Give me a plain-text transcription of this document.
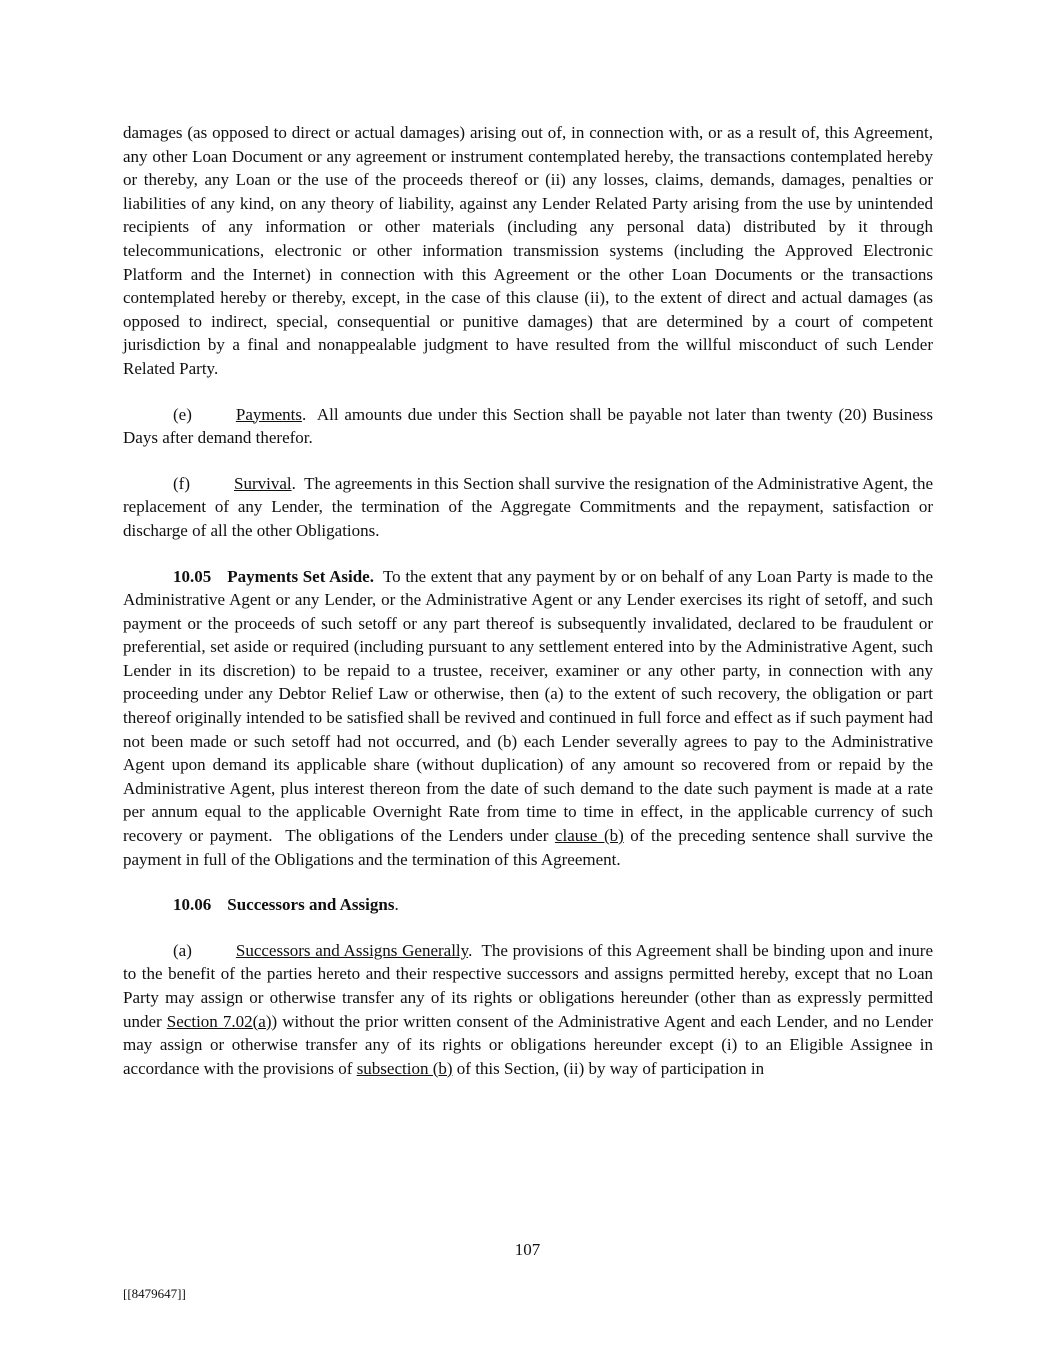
damages (as opposed to direct or actual damages) arising out of, in connection with, or as a result of, this Agreement, any other Loan Document or any agreement or instrument contemplated hereby, the transactions contemplated hereby or thereby, any Loan or the use of the proceeds thereof or (ii) any losses, claims, demands, damages, penalties or liabilities of any kind, on any theory of liability, against any Lender Related Party arising from the use by unintended recipients of any information or other materials (including any personal data) distributed by it through telecommunications, electronic or other information transmission systems (including the Approved Electronic Platform and the Internet) in connection with this Agreement or the other Loan Documents or the transactions contemplated hereby or thereby, except, in the case of this clause (ii), to the extent of direct and actual damages (as opposed to indirect, special, consequential or punitive damages) that are determined by a court of competent jurisdiction by a final and nonappealable judgment to have resulted from the willful misconduct of such Lender Related Party.

(e)	Payments.  All amounts due under this Section shall be payable not later than twenty (20) Business Days after demand therefor.

(f)	Survival.  The agreements in this Section shall survive the resignation of the Administrative Agent, the replacement of any Lender, the termination of the Aggregate Commitments and the repayment, satisfaction or discharge of all the other Obligations.

10.05 Payments Set Aside.  To the extent that any payment by or on behalf of any Loan Party is made to the Administrative Agent or any Lender, or the Administrative Agent or any Lender exercises its right of setoff, and such payment or the proceeds of such setoff or any part thereof is subsequently invalidated, declared to be fraudulent or preferential, set aside or required (including pursuant to any settlement entered into by the Administrative Agent, such Lender in its discretion) to be repaid to a trustee, receiver, examiner or any other party, in connection with any proceeding under any Debtor Relief Law or otherwise, then (a) to the extent of such recovery, the obligation or part thereof originally intended to be satisfied shall be revived and continued in full force and effect as if such payment had not been made or such setoff had not occurred, and (b) each Lender severally agrees to pay to the Administrative Agent upon demand its applicable share (without duplication) of any amount so recovered from or repaid by the Administrative Agent, plus interest thereon from the date of such demand to the date such payment is made at a rate per annum equal to the applicable Overnight Rate from time to time in effect, in the applicable currency of such recovery or payment.  The obligations of the Lenders under clause (b) of the preceding sentence shall survive the payment in full of the Obligations and the termination of this Agreement.

10.06 Successors and Assigns.

(a)	Successors and Assigns Generally.  The provisions of this Agreement shall be binding upon and inure to the benefit of the parties hereto and their respective successors and assigns permitted hereby, except that no Loan Party may assign or otherwise transfer any of its rights or obligations hereunder (other than as expressly permitted under Section 7.02(a)) without the prior written consent of the Administrative Agent and each Lender, and no Lender may assign or otherwise transfer any of its rights or obligations hereunder except (i) to an Eligible Assignee in accordance with the provisions of subsection (b) of this Section, (ii) by way of participation in

107
[[8479647]]
